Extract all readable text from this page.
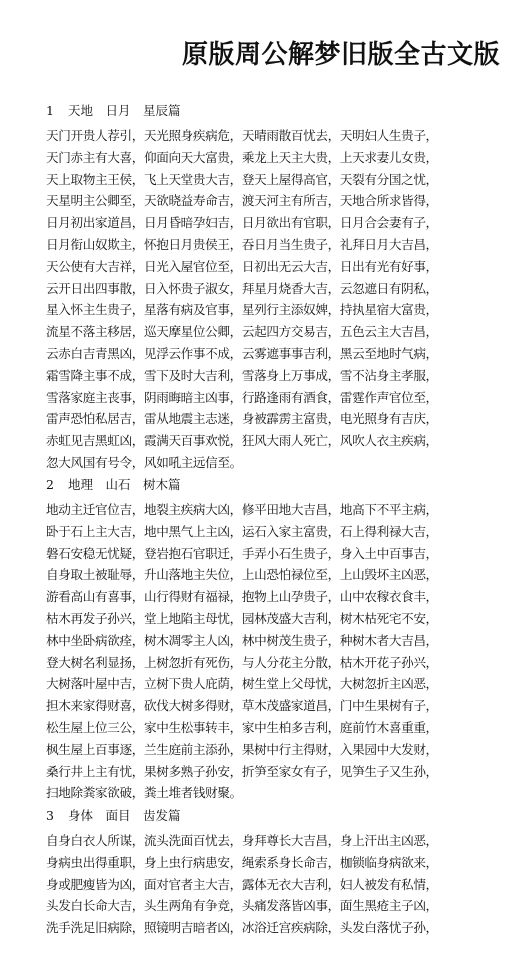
原版周公解梦旧版全古文版
1 天地　日月　星辰篇
天门开贵人荐引，天光照身疾病危，天晴雨散百忧去，天明妇人生贵子，
天门赤主有大喜，仰面向天大富贵，乘龙上天主大贵，上天求妻儿女贵，
天上取物主王侯，飞上天堂贵大吉，登天上屋得高官，天裂有分国之忧，
天星明主公卿至，天欲晓益寿命吉，渡天河主有所吉，天地合所求皆得，
日月初出家道昌，日月昏暗孕妇吉，日月欲出有官职，日月合会妻有子，
日月衔山奴欺主，怀抱日月贵侯王，吞日月当生贵子，礼拜日月大吉昌，
天公使有大吉祥，日光入屋官位至，日初出无云大吉，日出有光有好事，
云开日出四事散，日入怀贵子淑女，拜星月烧香大吉，云忽遮日有阴私，
星入怀主生贵子，星落有病及官事，星列行主添奴婢，持执星宿大富贵，
流星不落主移居，巡天摩星位公卿，云起四方交易吉，五色云主大吉昌，
云赤白吉青黑凶，见浮云作事不成，云雾遮事事吉利，黑云至地时气病，
霜雪降主事不成，雪下及时大吉利，雪落身上万事成，雪不沾身主孝服，
雪落家庭主丧事，阴雨晦暗主凶事，行路逢雨有酒食，雷霆作声官位至，
雷声恐怕私居吉，雷从地震主志迷，身被霹雳主富贵，电光照身有吉庆，
赤虹见吉黑虹凶，霞满天百事欢悦，狂风大雨人死亡，风吹人衣主疾病，
忽大风国有号令，风如吼主远信至。
2 地理　山石　树木篇
地动主迁官位吉，地裂主疾病大凶，修平田地大吉昌，地高下不平主病，
卧于石上主大吉，地中黑气上主凶，运石入家主富贵，石上得利禄大吉，
磐石安稳无忧疑，登岩抱石官职迁，手弄小石生贵子，身入土中百事吉，
自身取土被耻辱，升山落地主失位，上山恐怕禄位至，上山毁坏主凶恶，
游看高山有喜事，山行得财有福禄，抱物上山孕贵子，山中农稼衣食丰，
枯木再发子孙兴，堂上地陷主母忧，园林茂盛大吉利，树木枯死宅不安，
林中坐卧病欲痊，树木凋零主人凶，林中树茂生贵子，种树木者大吉昌，
登大树名利显扬，上树忽折有死伤，与人分花主分散，枯木开花子孙兴，
大树落叶屋中吉，立树下贵人庇荫，树生堂上父母忧，大树忽折主凶恶，
担木来家得财喜，砍伐大树多得财，草木茂盛家道昌，门中生果树有子，
松生屋上位三公，家中生松事转丰，家中生柏多吉利，庭前竹木喜重重，
枫生屋上百事逐，兰生庭前主添孙，果树中行主得财，入果园中大发财，
桑行井上主有忧，果树多熟子孙安，折笋至家女有子，见笋生子又生孙，
扫地除粪家欲破，粪土堆者钱财聚。
3 身体　面目　齿发篇
自身白衣人所谋，流头洗面百忧去，身拜尊长大吉昌，身上汗出主凶恶，
身病虫出得重职，身上虫行病患安，绳索系身长命吉，枷锁临身病欲来，
身或肥瘦皆为凶，面对官者主大吉，露体无衣大吉利，妇人被发有私情，
头发白长命大吉，头生两角有争竞，头痛发落皆凶事，面生黑疮主子凶，
洗手洗足旧病除，照镜明吉暗者凶，冰浴迁宫疾病除，头发白落忧子孙，
